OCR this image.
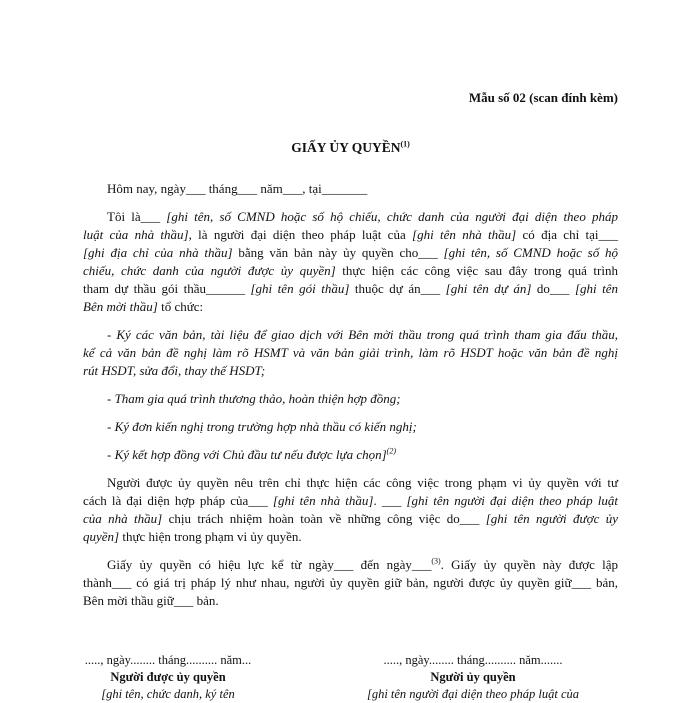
Mẫu số 02 (scan đính kèm)
GIẤY ỦY QUYỀN$^{(1)}$
Hôm nay, ngày___ tháng___ năm___, tại_______
Tôi là___ [ghi tên, số CMND hoặc số hộ chiếu, chức danh của người đại diện theo pháp
luật của nhà thầu], là người đại diện theo pháp luật của [ghi tên nhà thầu] có địa chỉ tại___
[ghi địa chỉ của nhà thầu] bằng văn bản này ủy quyền cho___ [ghi tên, số CMND hoặc số hộ
chiếu, chức danh của người được ủy quyền] thực hiện các công việc sau đây trong quá trình
tham dự thầu gói thầu______ [ghi tên gói thầu] thuộc dự án___ [ghi tên dự án] do___ [ghi tên
Bên mời thầu] tổ chức:
- Ký các văn bản, tài liệu để giao dịch với Bên mời thầu trong quá trình tham gia đấu thầu,
kể cả văn bản đề nghị làm rõ HSMT và văn bản giải trình, làm rõ HSDT hoặc văn bản đề nghị
rút HSDT, sửa đổi, thay thế HSDT;
- Tham gia quá trình thương thảo, hoàn thiện hợp đồng;
- Ký đơn kiến nghị trong trường hợp nhà thầu có kiến nghị;
- Ký kết hợp đồng với Chủ đầu tư nếu được lựa chọn]$^{(2)}$
Người được ủy quyền nêu trên chỉ thực hiện các công việc trong phạm vi ủy quyền với tư
cách là đại diện hợp pháp của___ [ghi tên nhà thầu]. ___ [ghi tên người đại diện theo pháp luật
của nhà thầu] chịu trách nhiệm hoàn toàn về những công việc do___ [ghi tên người được ủy
quyền] thực hiện trong phạm vi ủy quyền.
Giấy ủy quyền có hiệu lực kể từ ngày___ đến ngày___$^{(3)}$. Giấy ủy quyền này được lập
thành___ có giá trị pháp lý như nhau, người ủy quyền giữ bản, người được ủy quyền giữ___ bản,
Bên mời thầu giữ___ bản.
....., ngày........ tháng.......... năm...
Người được ủy quyền
[ghi tên, chức danh, ký tên
....., ngày........ tháng.......... năm.......
Người ủy quyền
[ghi tên người đại diện theo pháp luật của
